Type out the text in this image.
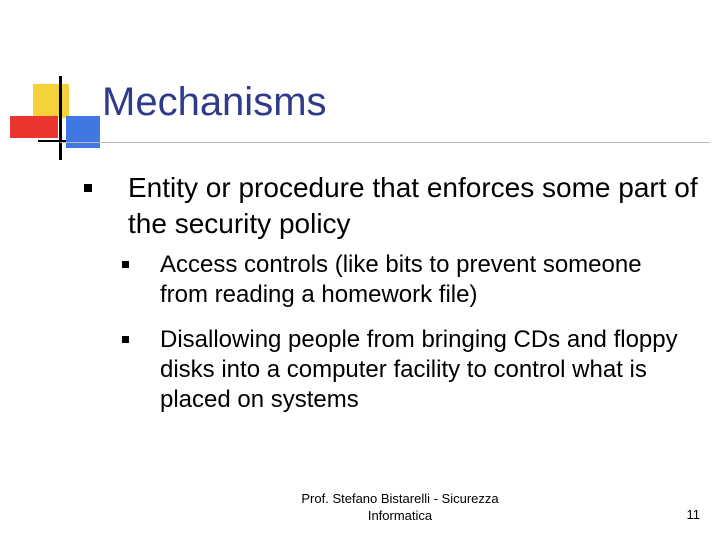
Mechanisms
Entity or procedure that enforces some part of the security policy
Access controls (like bits to prevent someone from reading a homework file)
Disallowing people from bringing CDs and floppy disks into a computer facility to control what is placed on systems
Prof. Stefano Bistarelli - Sicurezza
Informatica	11
